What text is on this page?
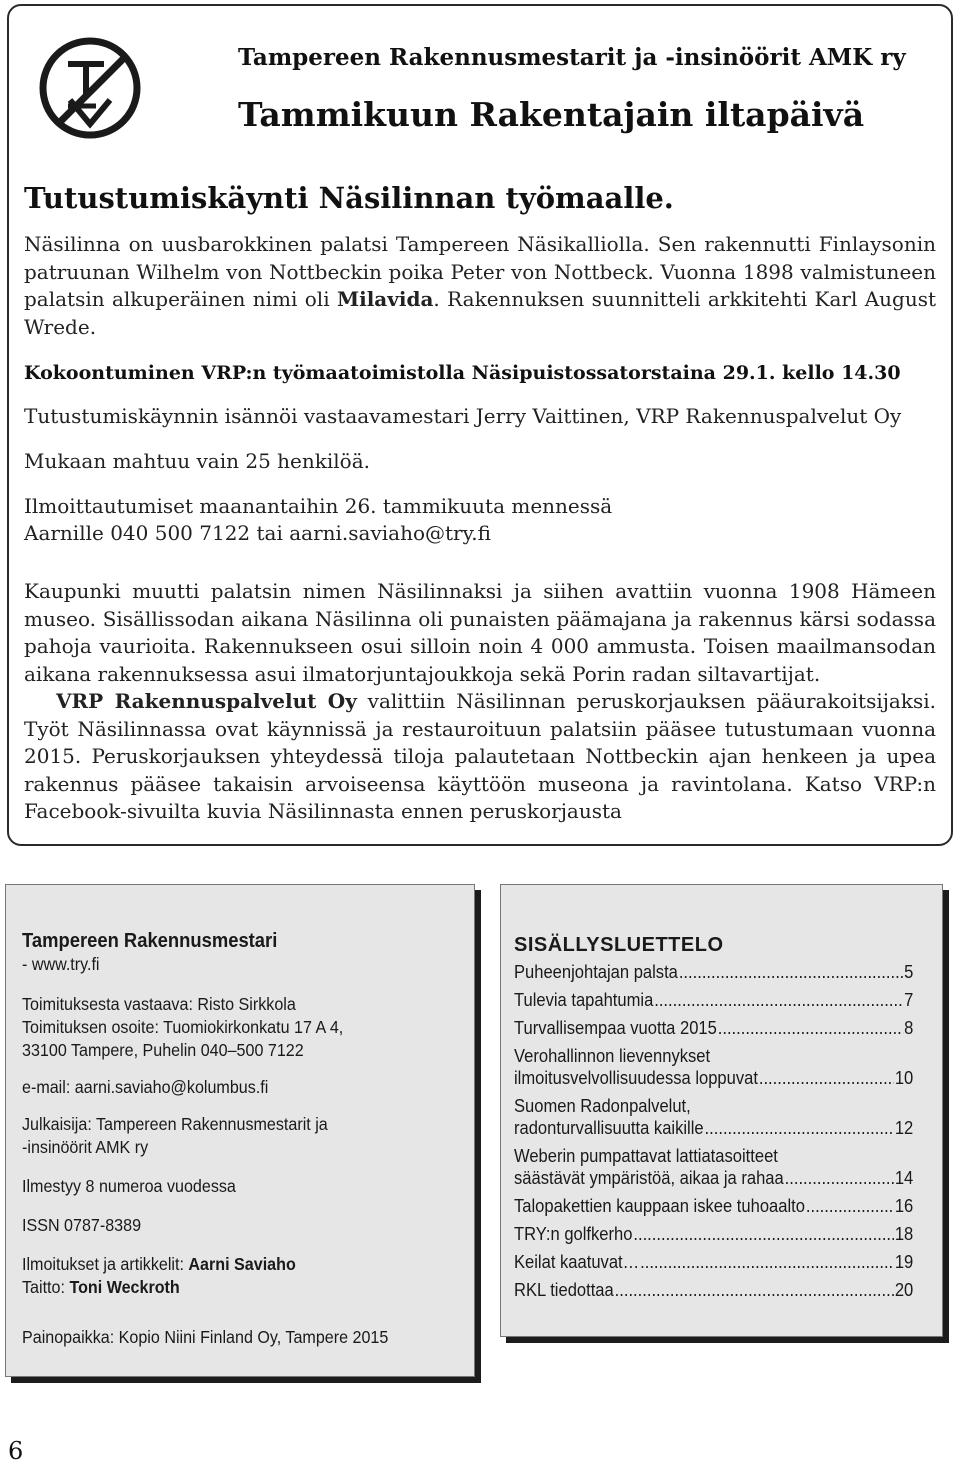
Tampereen Rakennusmestarit ja -insinöörit AMK ry
Tammikuun Rakentajain iltapäivä
Tutustumiskäynti Näsilinnan työmaalle.
Näsilinna on uusbarokkinen palatsi Tampereen Näsikalliolla. Sen rakennutti Finlaysonin patruunan Wilhelm von Nottbeckin poika Peter von Nottbeck. Vuonna 1898 valmistuneen palatsin alkuperäinen nimi oli Milavida. Rakennuksen suunnitteli arkkitehti Karl August Wrede.
Kokoontuminen VRP:n työmaatoimistolla Näsipuistossatorstaina 29.1. kello 14.30
Tutustumiskäynnin isännöi vastaavamestari Jerry Vaittinen, VRP Rakennuspalvelut Oy
Mukaan mahtuu vain 25 henkilöä.
Ilmoittautumiset maanantaihin 26. tammikuuta mennessä
Aarnille 040 500 7122 tai aarni.saviaho@try.fi

Kaupunki muutti palatsin nimen Näsilinnaksi ja siihen avattiin vuonna 1908 Hämeen museo. Sisällissodan aikana Näsilinna oli punaisten päämajana ja rakennus kärsi sodassa pahoja vaurioita. Rakennukseen osui silloin noin 4 000 ammusta. Toisen maailmansodan aikana rakennuksessa asui ilmatorjuntajoukkoja sekä Porin radan siltavartijat.

VRP Rakennuspalvelut Oy valittiin Näsilinnan peruskorjauksen pääurakoitsijaksi. Työt Näsilinnassa ovat käynnissä ja restauroituun palatsiin pääsee tutustumaan vuonna 2015. Peruskorjauksen yhteydessä tiloja palautetaan Nottbeckin ajan henkeen ja upea rakennus pääsee takaisin arvoiseensa käyttöön museona ja ravintolana. Katso VRP:n Facebook-sivuilta kuvia Näsilinnasta ennen peruskorjausta

Tampereen Rakennusmestari
- www.try.fi
Toimituksesta vastaava: Risto Sirkkola
Toimituksen osoite: Tuomiokirkonkatu 17 A 4,
33100 Tampere, Puhelin 040–500 7122
e-mail: aarni.saviaho@kolumbus.fi
Julkaisija: Tampereen Rakennusmestarit ja
-insinöörit AMK ry
Ilmestyy 8 numeroa vuodessa
ISSN 0787-8389
Ilmoitukset ja artikkelit: Aarni Saviaho
Taitto: Toni Weckroth
Painopaikka: Kopio Niini Finland Oy, Tampere 2015
SISÄLLYSLUETTELO
Puheenjohtajan palsta .....	5
Tulevia tapahtumia .....	7
Turvallisempaa vuotta 2015 .....	8
Verohallinnon lievennykset
ilmoitusvelvollisuudessa loppuvat .....	10
Suomen Radonpalvelut,
radonturvallisuutta kaikille .....	12
Weberin pumpattavat lattiatasoitteet
säästävät ympäristöä, aikaa ja rahaa .....	14
Talopakettien kauppaan iskee tuhoaalto .....	16
TRY:n golfkerho .....	18
Keilat kaatuvat… .....	19
RKL tiedottaa .....	20
6
